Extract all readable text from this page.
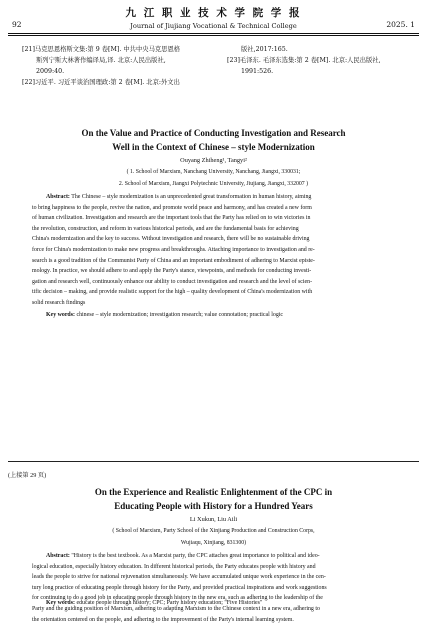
九 江 职 业 技 术 学 院 学 报
92	Journal of Jiujiang Vocational & Technical College	2025. 1
[21]马克思恩格斯文集:第 9 卷[M]. 中共中央马克思恩格
斯列宁斯大林著作编译局,译. 北京:人民出版社,
2009:40.
[22]习近平. 习近平谈治国理政:第 2 卷[M]. 北京:外文出
版社,2017:165.
[23]毛泽东. 毛泽东选集:第 2 卷[M]. 北京:人民出版社,
1991:526.
On the Value and Practice of Conducting Investigation and Research
Well in the Context of Chinese – style Modernization
Ouyang Zhiheng¹, Tangyi²
( 1. School of Marxism, Nanchang University, Nanchang, Jiangxi, 330031;
2. School of Marxism, Jiangxi Polytechnic University, Jiujiang, Jiangxi, 332007 )
Abstract: The Chinese – style modernization is an unprecedented great transformation in human history, aiming
to bring happiness to the people, revive the nation, and promote world peace and harmony, and has created a new form
of human civilization. Investigation and research are the important tools that the Party has relied on to win victories in
the revolution, construction, and reform in various historical periods, and are the fundamental basis for achieving
China's modernization and the key to success. Without investigation and research, there will be no sustainable driving
force for China's modernization to make new progress and breakthroughs. Attaching importance to investigation and re-
search is a good tradition of the Communist Party of China and an important embodiment of adhering to Marxist episte-
mology. In practice, we should adhere to and apply the Party's stance, viewpoints, and methods for conducting investi-
gation and research well, continuously enhance our ability to conduct investigation and research and the level of scien-
tific decision – making, and provide realistic support for the high – quality development of China's modernization with
solid research findings
Key words: chinese – style modernization; investigation research; value connotation; practical logic
(上接第 29 页)
On the Experience and Realistic Enlightenment of the CPC in
Educating People with History for a Hundred Years
Li Xukun, Liu Aili
( School of Marxism, Party School of the Xinjiang Production and Construction Corps,
Wujiaqu, Xinjiang, 831300)
Abstract: "History is the best textbook. As a Marxist party, the CPC attaches great importance to political and ideo-
logical education, especially history education. In different historical periods, the Party educates people with history and
leads the people to strive for national rejuvenation simultaneously. We have accumulated unique work experience in the cen-
tury long practice of educating people through history for the Party, and provided practical inspirations and work suggestions
for continuing to do a good job in educating people through history in the new era, such as adhering to the leadership of the
Party and the guiding position of Marxism, adhering to adapting Marxism to the Chinese context in a new era, adhering to
the orientation centered on the people, and adhering to the improvement of the Party's internal learning system.
Key words: educate people through history; CPC; Party history education; "Five Histories"
